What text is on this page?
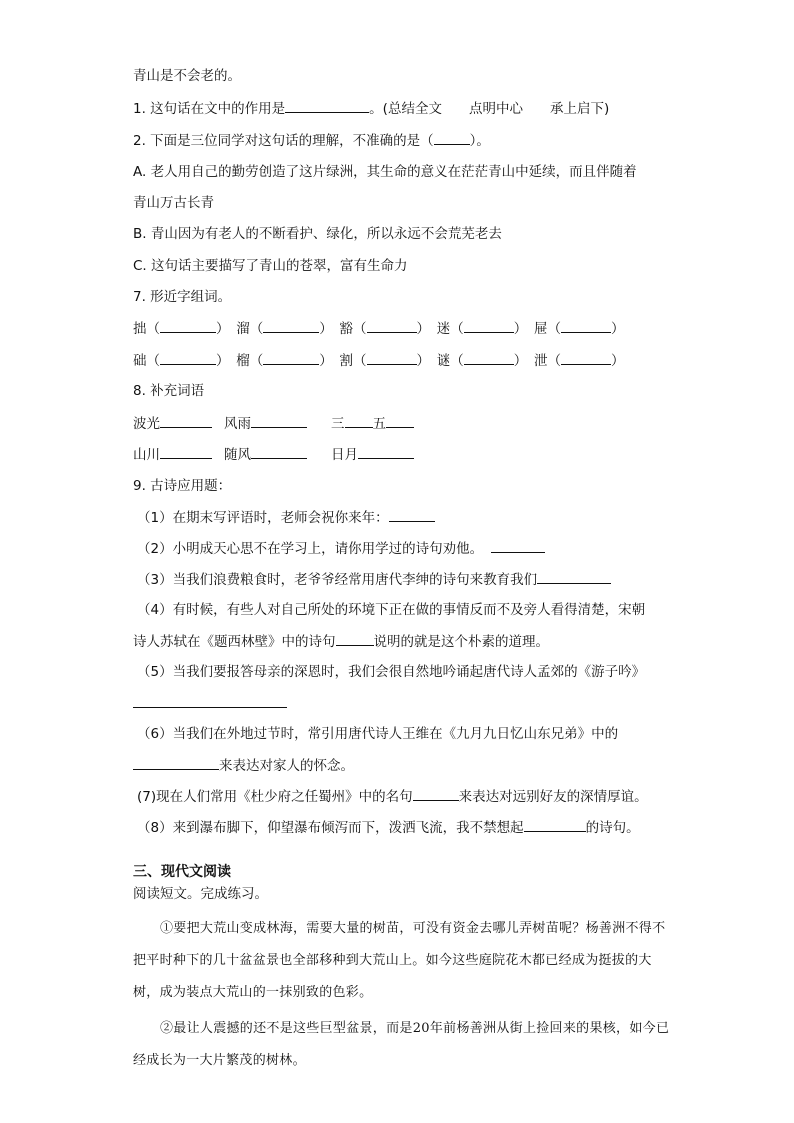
青山是不会老的。
1. 这句话在文中的作用是	。(总结全文　　点明中心　　承上启下)
2. 下面是三位同学对这句话的理解，不准确的是（	）。
A. 老人用自己的勤劳创造了这片绿洲，其生命的意义在茫茫青山中延续，而且伴随着
青山万古长青
B. 青山因为有老人的不断看护、绿化，所以永远不会荒芜老去
C. 这句话主要描写了青山的苍翠，富有生命力
7. 形近字组词。
拙（	）　溜（	）　豁（	）　迷（	）　屉（	）
础（	）　榴（	）　割（	）　谜（	）　泄（	）
8. 补充词语
波光	风雨	三 五
山川	随风	日月
9. 古诗应用题：
（1）在期末写评语时，老师会祝你来年：
（2）小明成天心思不在学习上，请你用学过的诗句劝他。
（3）当我们浪费粮食时，老爷爷经常用唐代李绅的诗句来教育我们
（4）有时候，有些人对自己所处的环境下正在做的事情反而不及旁人看得清楚，宋朝
诗人苏轼在《题西林壁》中的诗句	说明的就是这个朴素的道理。
（5）当我们要报答母亲的深恩时，我们会很自然地吟诵起唐代诗人孟郊的《游子吟》
（6）当我们在外地过节时，常引用唐代诗人王维在《九月九日忆山东兄弟》中的
来表达对家人的怀念。
(7)现在人们常用《杜少府之任蜀州》中的名句	来表达对远别好友的深情厚谊。
（8）来到瀑布脚下，仰望瀑布倾泻而下，泼洒飞流，我不禁想起	的诗句。
三、现代文阅读
阅读短文。完成练习。
①要把大荒山变成林海，需要大量的树苗，可没有资金去哪儿弄树苗呢？杨善洲不得不把平时种下的几十盆盆景也全部移种到大荒山上。如今这些庭院花木都已经成为挺拔的大树，成为装点大荒山的一抹别致的色彩。
②最让人震撼的还不是这些巨型盆景，而是20年前杨善洲从街上捡回来的果核，如今已经成长为一大片繁茂的树林。
